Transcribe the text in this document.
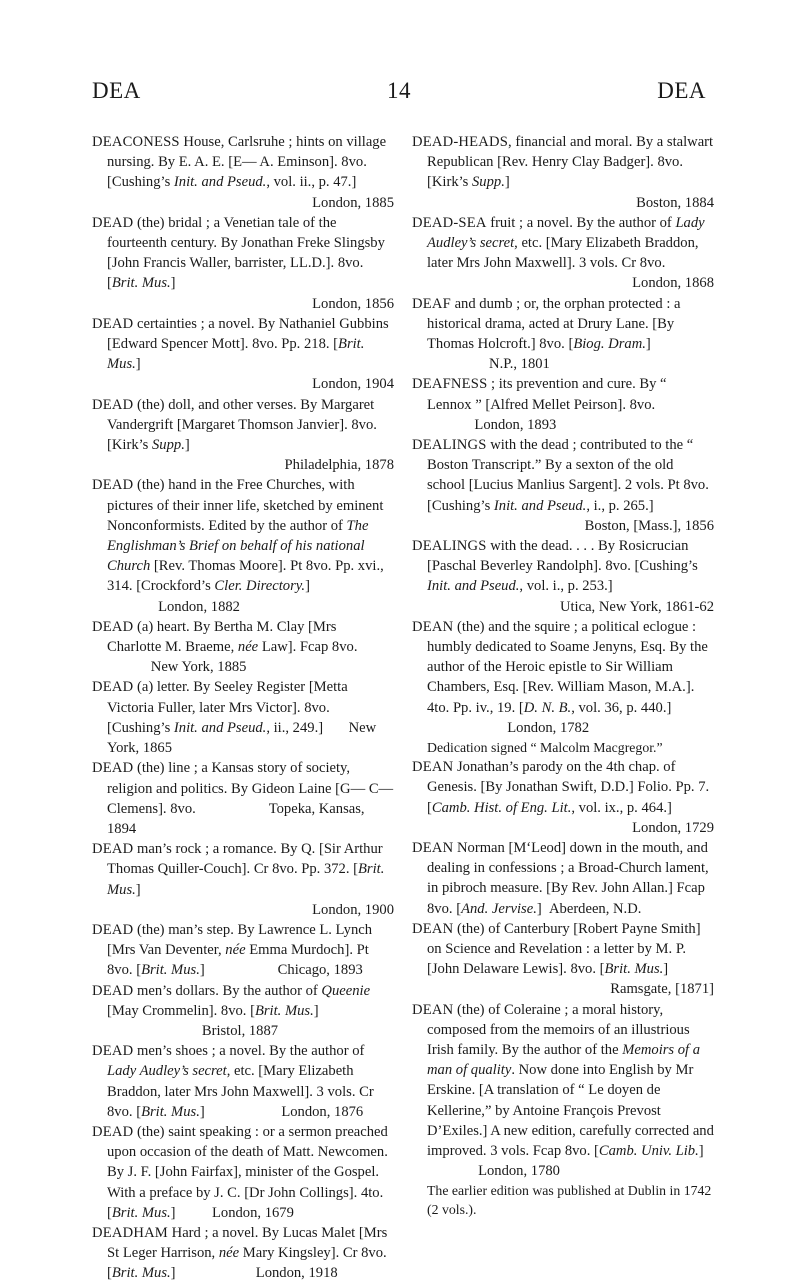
DEA	14	DEA
DEACONESS House, Carlsruhe ; hints on village nursing. By E. A. E. [E— A. Eminson]. 8vo. [Cushing’s Init. and Pseud., vol. ii., p. 47.]
London, 1885
DEAD (the) bridal ; a Venetian tale of the fourteenth century. By Jonathan Freke Slingsby [John Francis Waller, barrister, LL.D.]. 8vo. [Brit. Mus.]
London, 1856
DEAD certainties ; a novel. By Nathaniel Gubbins [Edward Spencer Mott]. 8vo. Pp. 218. [Brit. Mus.]
London, 1904
DEAD (the) doll, and other verses. By Margaret Vandergrift [Margaret Thomson Janvier]. 8vo. [Kirk’s Supp.]
Philadelphia, 1878
DEAD (the) hand in the Free Churches, with pictures of their inner life, sketched by eminent Nonconformists. Edited by the author of The Englishman’s Brief on behalf of his national Church [Rev. Thomas Moore]. Pt 8vo. Pp. xvi., 314. [Crockford’s Cler. Directory.]               London, 1882
DEAD (a) heart. By Bertha M. Clay [Mrs Charlotte M. Braeme, née Law]. Fcap 8vo.             New York, 1885
DEAD (a) letter. By Seeley Register [Metta Victoria Fuller, later Mrs Victor]. 8vo. [Cushing’s Init. and Pseud., ii., 249.]       New York, 1865
DEAD (the) line ; a Kansas story of society, religion and politics. By Gideon Laine [G— C— Clemens]. 8vo.                    Topeka, Kansas, 1894
DEAD man’s rock ; a romance. By Q. [Sir Arthur Thomas Quiller-Couch]. Cr 8vo. Pp. 372. [Brit. Mus.]
London, 1900
DEAD (the) man’s step. By Lawrence L. Lynch [Mrs Van Deventer, née Emma Murdoch]. Pt 8vo. [Brit. Mus.]                    Chicago, 1893
DEAD men’s dollars. By the author of Queenie [May Crommelin]. 8vo. [Brit. Mus.]                           Bristol, 1887
DEAD men’s shoes ; a novel. By the author of Lady Audley’s secret, etc. [Mary Elizabeth Braddon, later Mrs John Maxwell]. 3 vols. Cr 8vo. [Brit. Mus.]                     London, 1876
DEAD (the) saint speaking : or a sermon preached upon occasion of the death of Matt. Newcomen. By J. F. [John Fairfax], minister of the Gospel. With a preface by J. C. [Dr John Collings]. 4to. [Brit. Mus.]          London, 1679
DEADHAM Hard ; a novel. By Lucas Malet [Mrs St Leger Harrison, née Mary Kingsley]. Cr 8vo. [Brit. Mus.]                      London, 1918
DEAD-HEADS, financial and moral. By a stalwart Republican [Rev. Henry Clay Badger]. 8vo. [Kirk’s Supp.]
Boston, 1884
DEAD-SEA fruit ; a novel. By the author of Lady Audley’s secret, etc. [Mary Elizabeth Braddon, later Mrs John Maxwell]. 3 vols. Cr 8vo.
London, 1868
DEAF and dumb ; or, the orphan protected : a historical drama, acted at Drury Lane. [By Thomas Holcroft.] 8vo. [Biog. Dram.]                  N.P., 1801
DEAFNESS ; its prevention and cure. By “ Lennox ” [Alfred Mellet Peirson]. 8vo.              London, 1893
DEALINGS with the dead ; contributed to the “ Boston Transcript.” By a sexton of the old school [Lucius Manlius Sargent]. 2 vols. Pt 8vo. [Cushing’s Init. and Pseud., i., p. 265.]
Boston, [Mass.], 1856
DEALINGS with the dead. . . . By Rosicrucian [Paschal Beverley Randolph]. 8vo. [Cushing’s Init. and Pseud., vol. i., p. 253.]
Utica, New York, 1861-62
DEAN (the) and the squire ; a political eclogue : humbly dedicated to Soame Jenyns, Esq. By the author of the Heroic epistle to Sir William Chambers, Esq. [Rev. William Mason, M.A.]. 4to. Pp. iv., 19. [D. N. B., vol. 36, p. 440.]                       London, 1782
Dedication signed “ Malcolm Macgregor.”
DEAN Jonathan’s parody on the 4th chap. of Genesis. [By Jonathan Swift, D.D.] Folio. Pp. 7. [Camb. Hist. of Eng. Lit., vol. ix., p. 464.]
London, 1729
DEAN Norman [M‘Leod] down in the mouth, and dealing in confessions ; a Broad-Church lament, in pibroch measure. [By Rev. John Allan.] Fcap 8vo. [And. Jervise.]  Aberdeen, N.D.
DEAN (the) of Canterbury [Robert Payne Smith] on Science and Revelation : a letter by M. P. [John Delaware Lewis]. 8vo. [Brit. Mus.]
Ramsgate, [1871]
DEAN (the) of Coleraine ; a moral history, composed from the memoirs of an illustrious Irish family. By the author of the Memoirs of a man of quality. Now done into English by Mr Erskine. [A translation of “ Le doyen de Kellerine,” by Antoine François Prevost D’Exiles.] A new edition, carefully corrected and improved. 3 vols. Fcap 8vo. [Camb. Univ. Lib.]               London, 1780
The earlier edition was published at Dublin in 1742 (2 vols.).
